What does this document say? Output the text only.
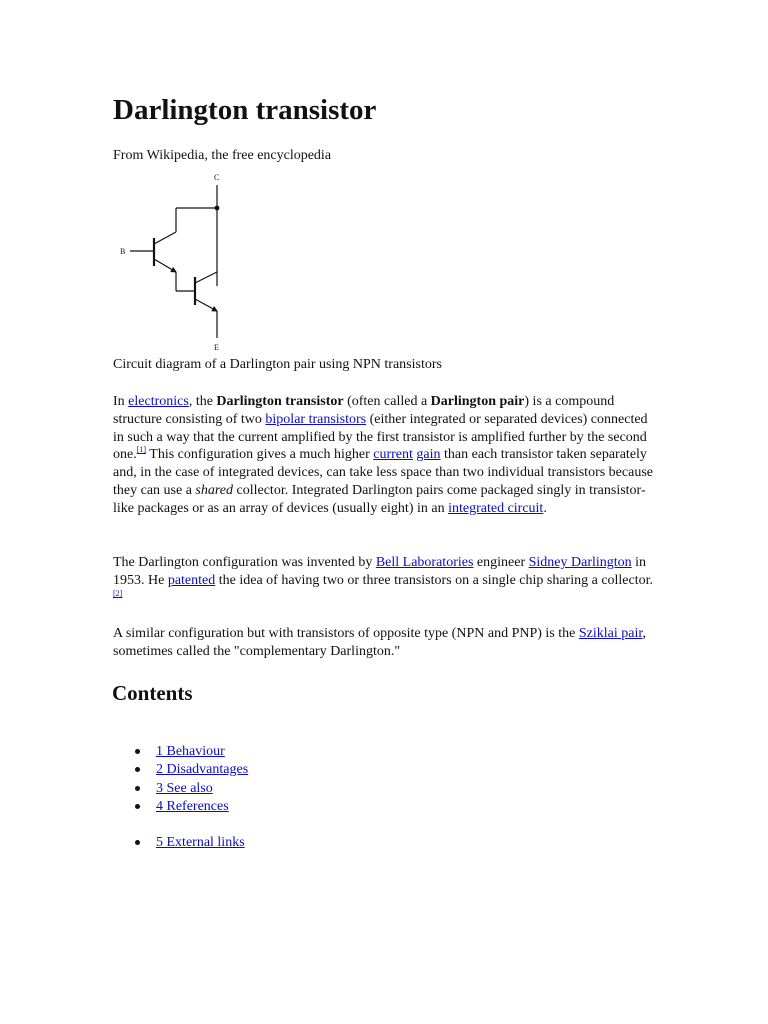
Darlington transistor

From Wikipedia, the free encyclopedia

C
B
E

Circuit diagram of a Darlington pair using NPN transistors

In electronics, the Darlington transistor (often called a Darlington pair) is a compound structure consisting of two bipolar transistors (either integrated or separated devices) connected in such a way that the current amplified by the first transistor is amplified further by the second one.[1] This configuration gives a much higher current gain than each transistor taken separately and, in the case of integrated devices, can take less space than two individual transistors because they can use a shared collector. Integrated Darlington pairs come packaged singly in transistor-like packages or as an array of devices (usually eight) in an integrated circuit.

The Darlington configuration was invented by Bell Laboratories engineer Sidney Darlington in 1953. He patented the idea of having two or three transistors on a single chip sharing a collector.[2]

A similar configuration but with transistors of opposite type (NPN and PNP) is the Sziklai pair, sometimes called the "complementary Darlington."

Contents
1 Behaviour
2 Disadvantages
3 See also
4 References
5 External links
